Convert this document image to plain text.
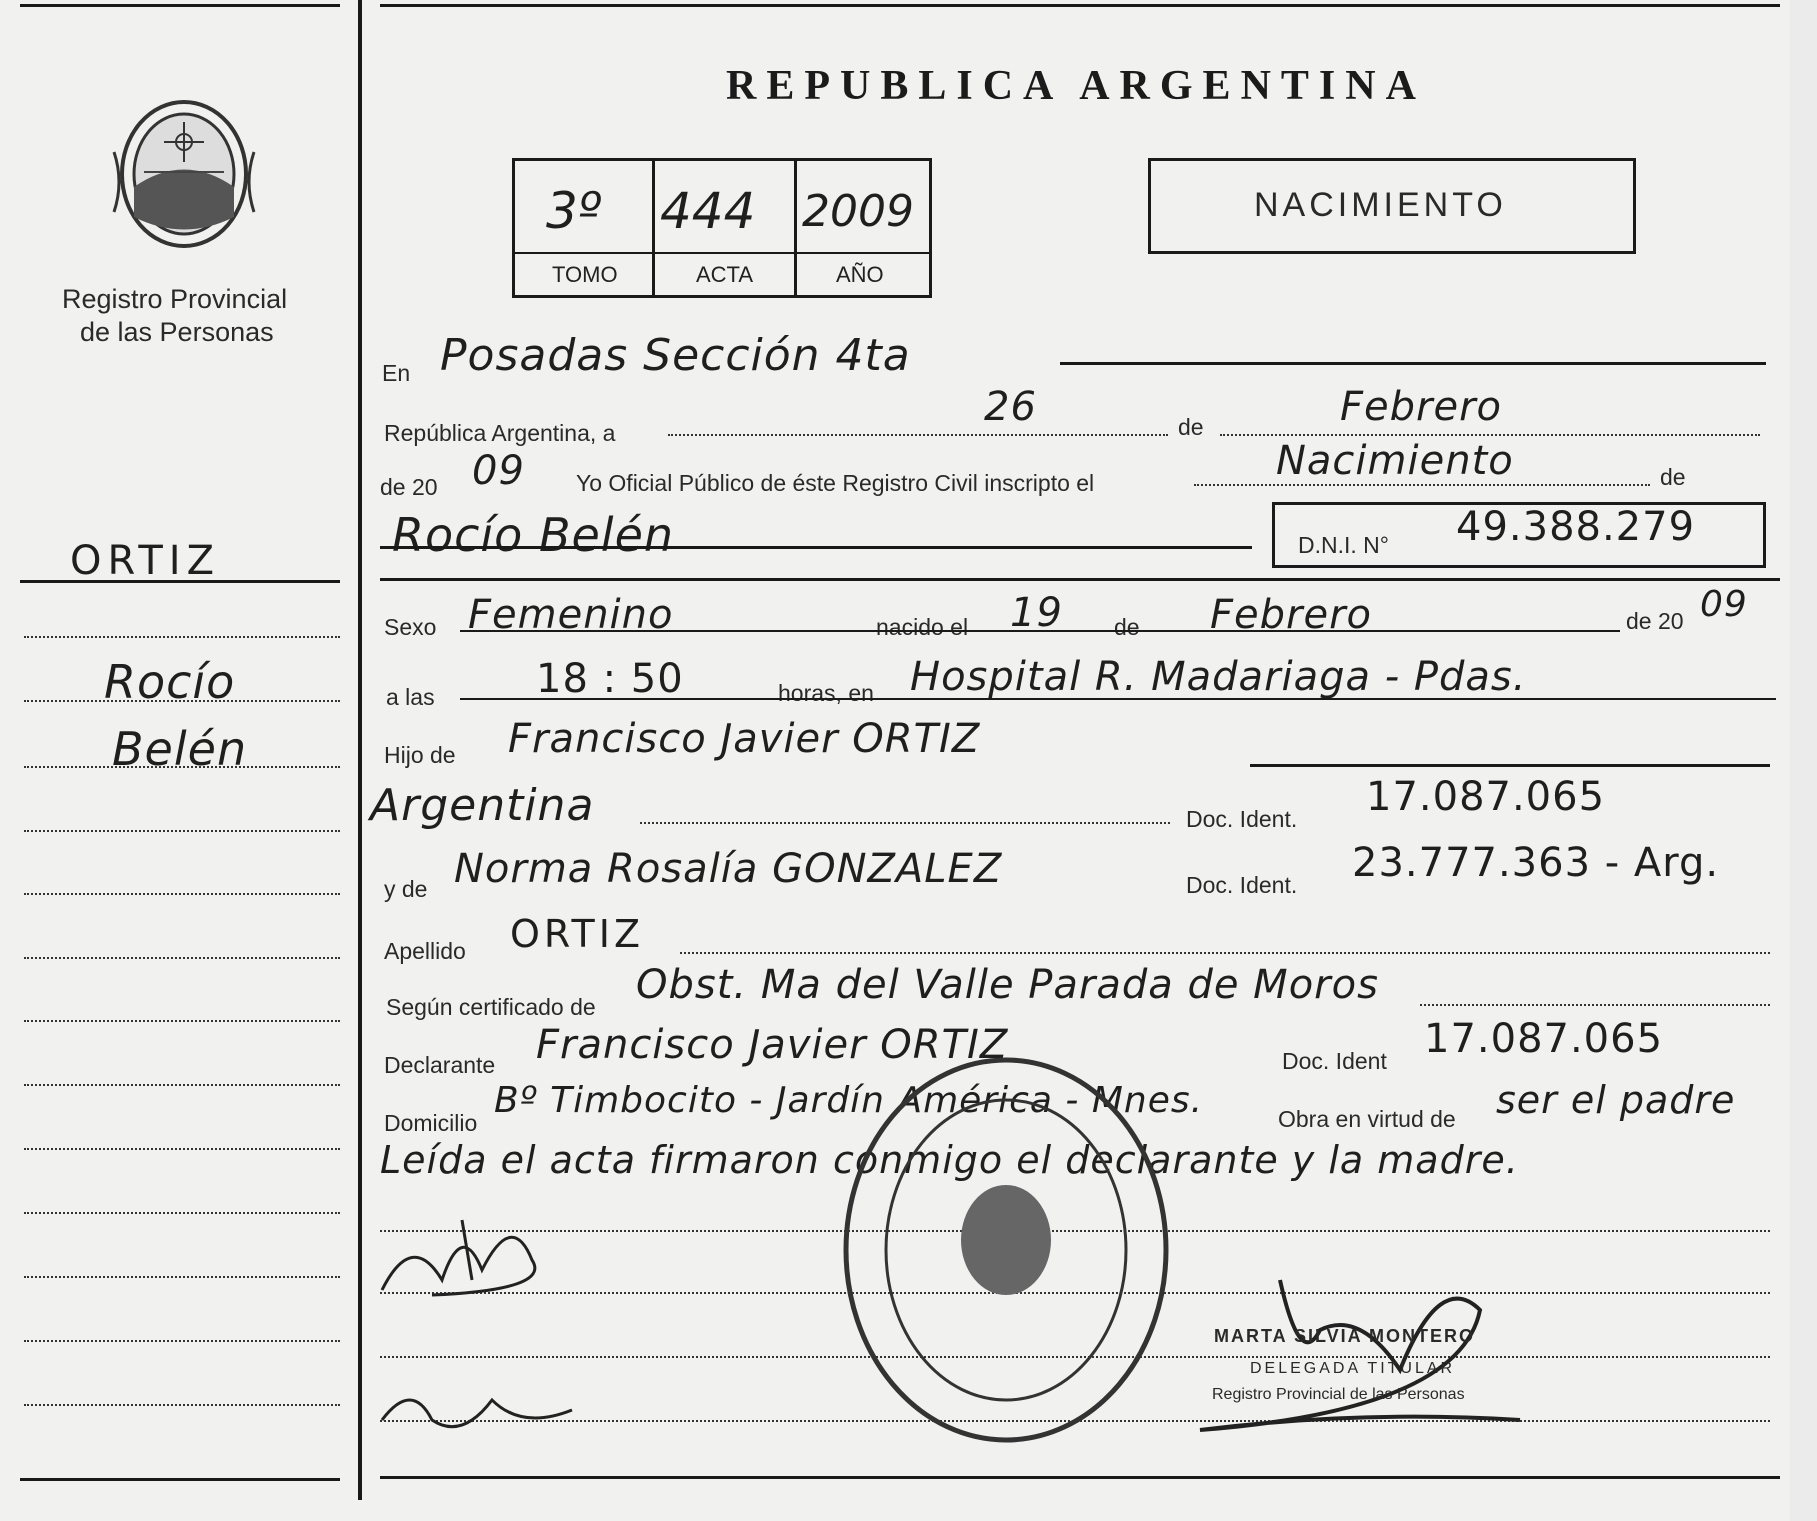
Registro Provincial
de las Personas
ORTIZ
Rocío
Belén
REPUBLICA ARGENTINA
3º 444 2009
TOMO	ACTA	AÑO
NACIMIENTO
En Posadas Sección 4ta
República Argentina, a
26	de	Febrero
de 20 09 Yo Oficial Público de éste Registro Civil inscripto el	Nacimiento	de
Rocío Belén	D.N.I. N° 49.388.279
Sexo Femenino	nacido el 19 de Febrero	de 20 09
a las	18 : 50	horas, en Hospital R. Madariaga - Pdas.
Hijo de Francisco Javier ORTIZ
Argentina	Doc. Ident. 17.087.065
y de Norma Rosalía GONZALEZ	Doc. Ident. 23.777.363 - Arg.
Apellido ORTIZ
Según certificado de Obst. Ma del Valle Parada de Moros
Declarante Francisco Javier ORTIZ	Doc. Ident 17.087.065
Domicilio
Bº Timbocito - Jardín América - Mnes.	Obra en virtud de ser el padre
Leída el acta firmaron conmigo el declarante y la madre.
MARTA SILVIA MONTERO
DELEGADA TITULAR
Registro Provincial de las Personas
